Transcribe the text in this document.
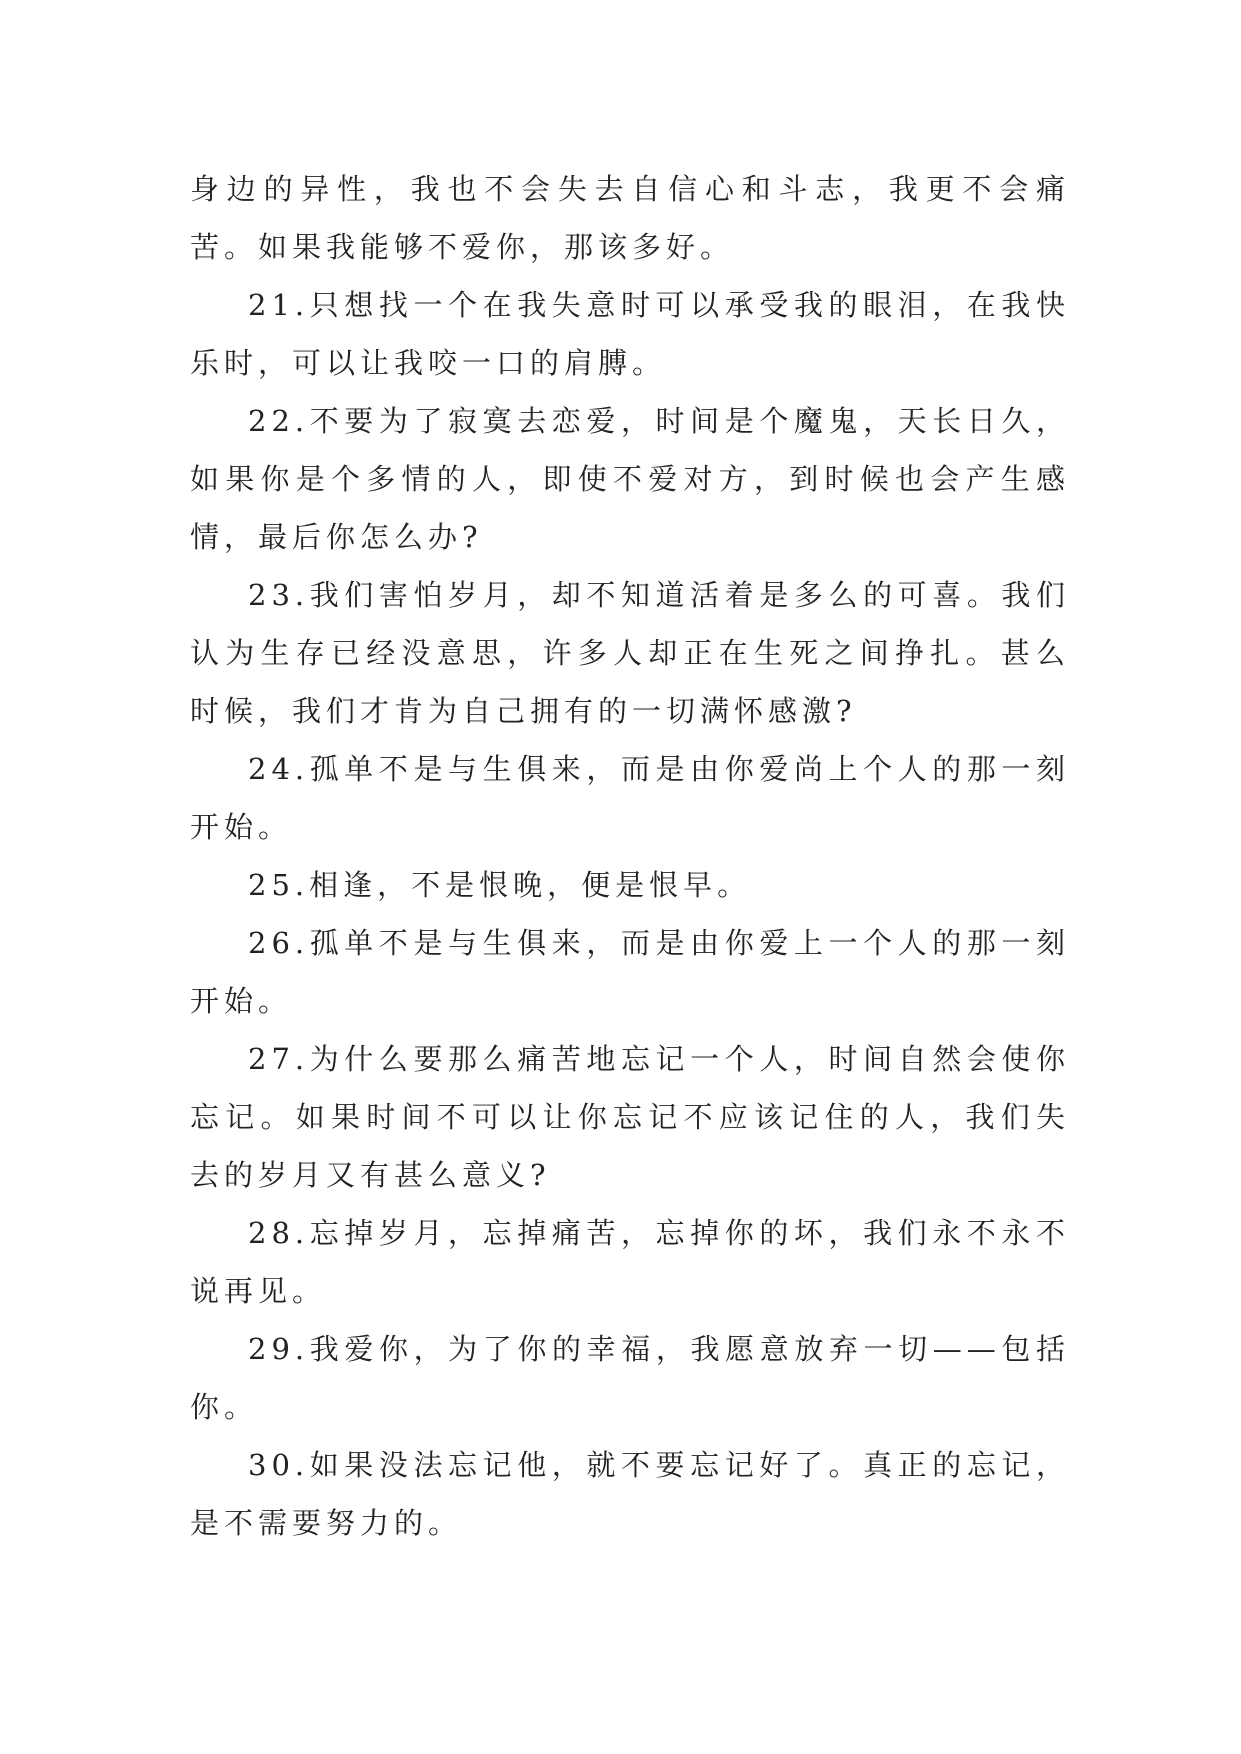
身边的异性，我也不会失去自信心和斗志，我更不会痛苦。如果我能够不爱你，那该多好。

21.只想找一个在我失意时可以承受我的眼泪，在我快乐时，可以让我咬一口的肩膊。

22.不要为了寂寞去恋爱，时间是个魔鬼，天长日久，如果你是个多情的人，即使不爱对方，到时候也会产生感情，最后你怎么办?

23.我们害怕岁月，却不知道活着是多么的可喜。我们认为生存已经没意思，许多人却正在生死之间挣扎。甚么时候，我们才肯为自己拥有的一切满怀感激?

24.孤单不是与生俱来，而是由你爱尚上个人的那一刻开始。

25.相逢，不是恨晚，便是恨早。

26.孤单不是与生俱来，而是由你爱上一个人的那一刻开始。

27.为什么要那么痛苦地忘记一个人，时间自然会使你忘记。如果时间不可以让你忘记不应该记住的人，我们失去的岁月又有甚么意义?

28.忘掉岁月，忘掉痛苦，忘掉你的坏，我们永不永不说再见。

29.我爱你，为了你的幸福，我愿意放弃一切——包括你。

30.如果没法忘记他，就不要忘记好了。真正的忘记，是不需要努力的。
